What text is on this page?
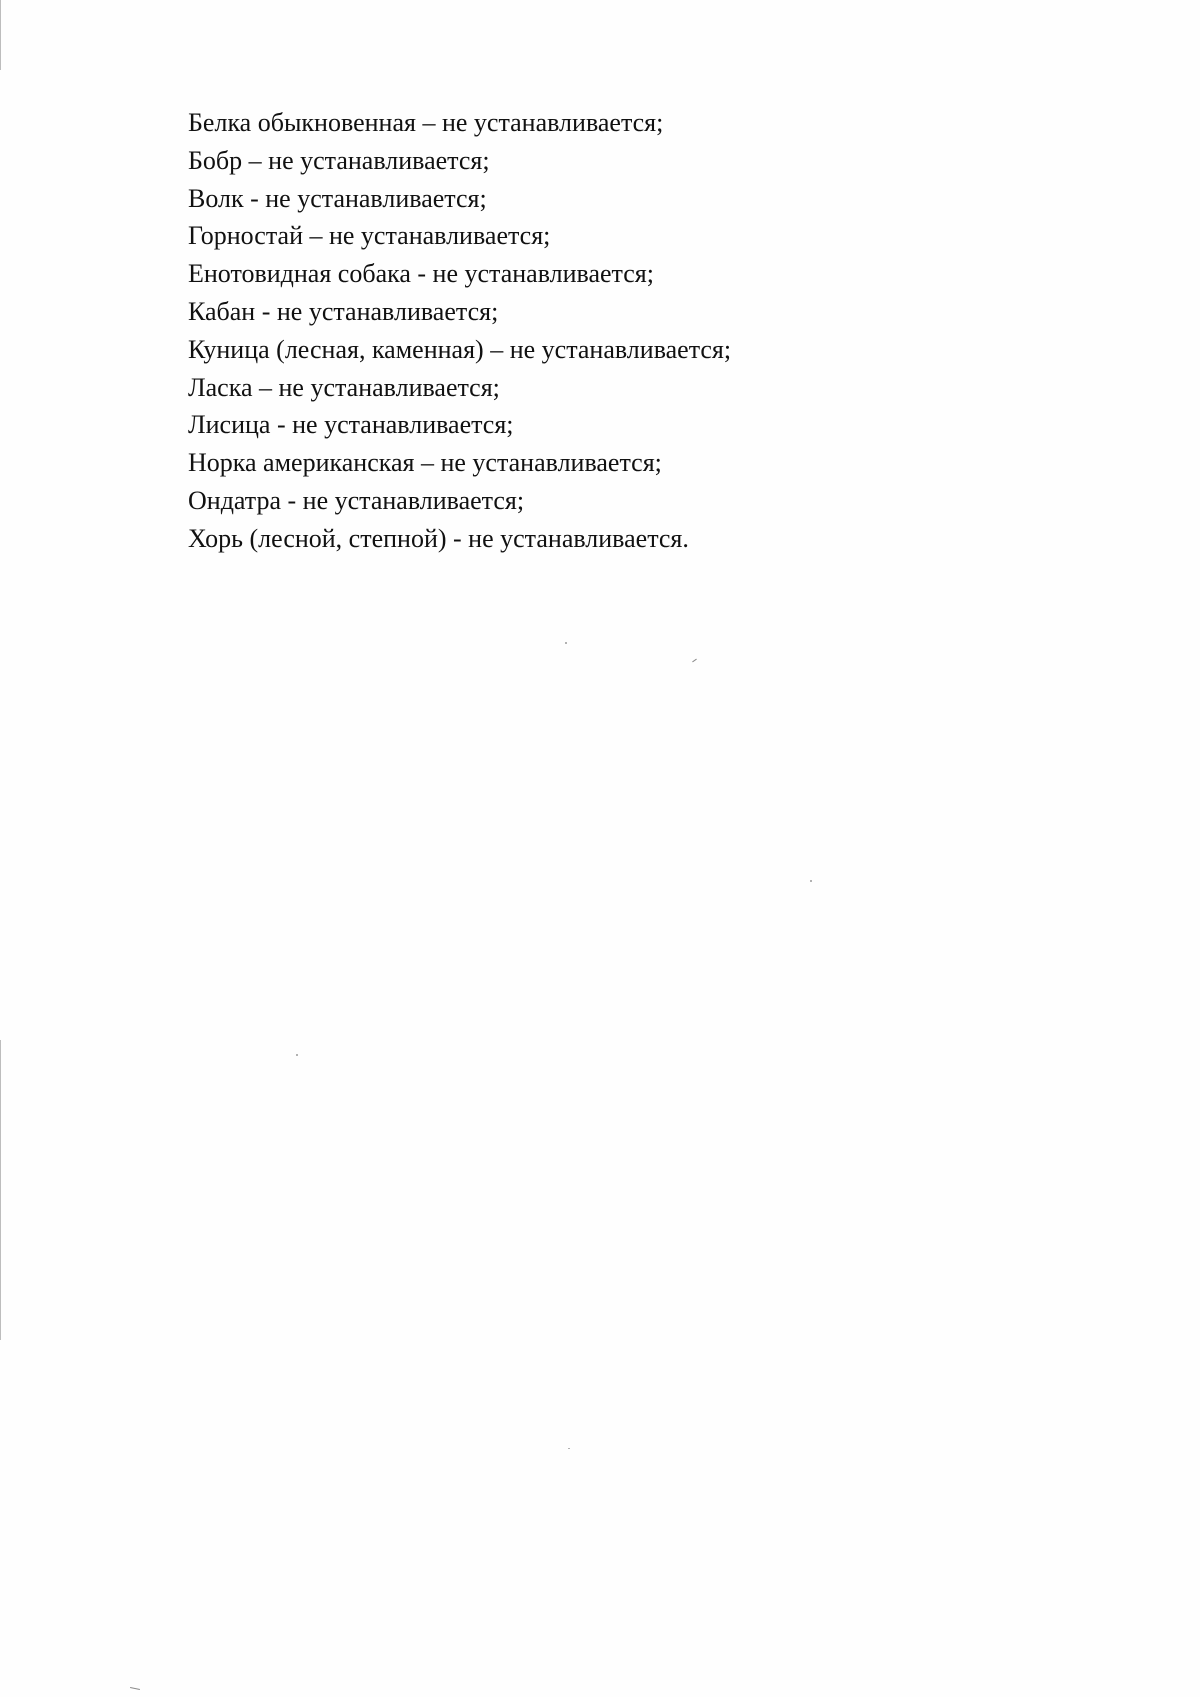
Белка обыкновенная – не устанавливается;

Бобр – не устанавливается;

Волк - не устанавливается;

Горностай – не устанавливается;

Енотовидная собака - не устанавливается;

Кабан - не устанавливается;

Куница (лесная, каменная) – не устанавливается;

Ласка – не устанавливается;

Лисица - не устанавливается;

Норка американская – не устанавливается;

Ондатра - не устанавливается;

Хорь (лесной, степной) - не устанавливается.
